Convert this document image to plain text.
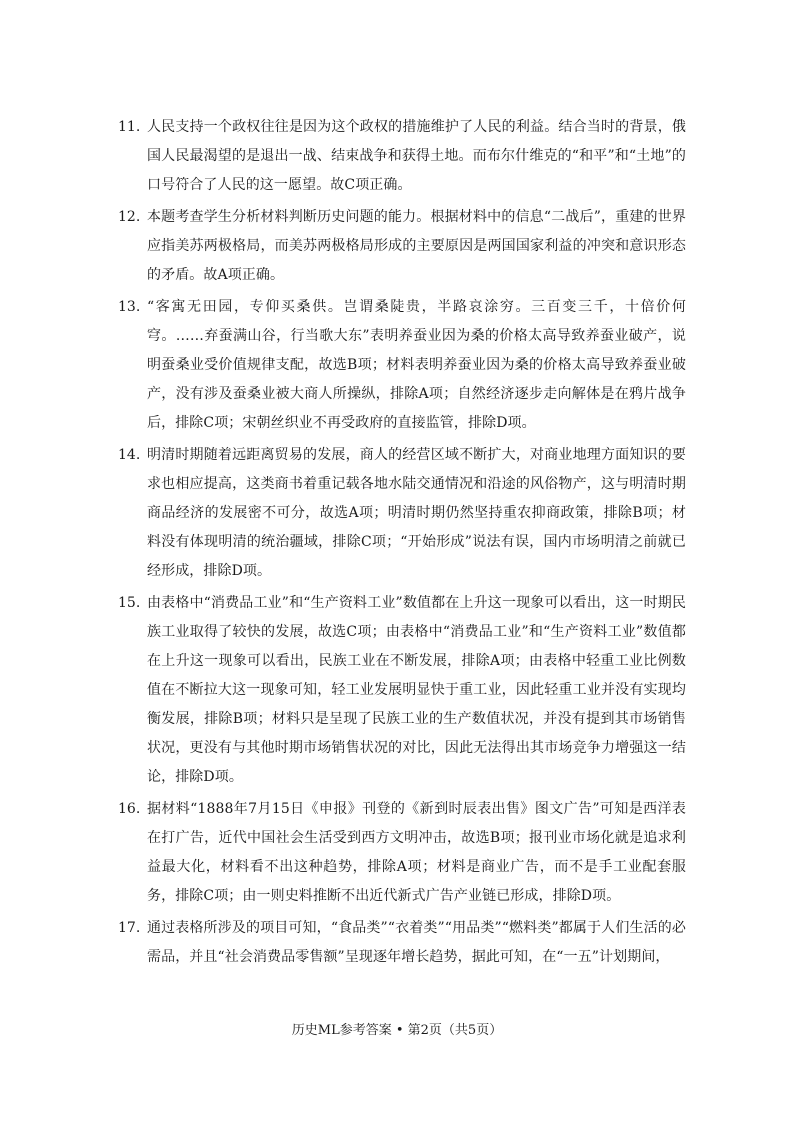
11. 人民支持一个政权往往是因为这个政权的措施维护了人民的利益。结合当时的背景，俄国人民最渴望的是退出一战、结束战争和获得土地。而布尔什维克的“和平”和“土地”的口号符合了人民的这一愿望。故C项正确。
12. 本题考查学生分析材料判断历史问题的能力。根据材料中的信息“二战后”，重建的世界应指美苏两极格局，而美苏两极格局形成的主要原因是两国国家利益的冲突和意识形态的矛盾。故A项正确。
13. “客寓无田园，专仰买桑供。岂谓桑陡贵，半路哀涂穷。三百变三千，十倍价何穹。……弃蚕满山谷，行当歌大东”表明养蚕业因为桑的价格太高导致养蚕业破产，说明蚕桑业受价值规律支配，故选B项；材料表明养蚕业因为桑的价格太高导致养蚕业破产，没有涉及蚕桑业被大商人所操纵，排除A项；自然经济逐步走向解体是在鸦片战争后，排除C项；宋朝丝织业不再受政府的直接监管，排除D项。
14. 明清时期随着远距离贸易的发展，商人的经营区域不断扩大，对商业地理方面知识的要求也相应提高，这类商书着重记载各地水陆交通情况和沿途的风俗物产，这与明清时期商品经济的发展密不可分，故选A项；明清时期仍然坚持重农抑商政策，排除B项；材料没有体现明清的统治疆域，排除C项；“开始形成”说法有误，国内市场明清之前就已经形成，排除D项。
15. 由表格中“消费品工业”和“生产资料工业”数值都在上升这一现象可以看出，这一时期民族工业取得了较快的发展，故选C项；由表格中“消费品工业”和“生产资料工业”数值都在上升这一现象可以看出，民族工业在不断发展，排除A项；由表格中轻重工业比例数值在不断拉大这一现象可知，轻工业发展明显快于重工业，因此轻重工业并没有实现均衡发展，排除B项；材料只是呈现了民族工业的生产数值状况，并没有提到其市场销售状况，更没有与其他时期市场销售状况的对比，因此无法得出其市场竞争力增强这一结论，排除D项。
16. 据材料“1888年7月15日《申报》刊登的《新到时辰表出售》图文广告”可知是西洋表在打广告，近代中国社会生活受到西方文明冲击，故选B项；报刊业市场化就是追求利益最大化，材料看不出这种趋势，排除A项；材料是商业广告，而不是手工业配套服务，排除C项；由一则史料推断不出近代新式广告产业链已形成，排除D项。
17. 通过表格所涉及的项目可知，“食品类”“衣着类”“用品类”“燃料类”都属于人们生活的必需品，并且“社会消费品零售额”呈现逐年增长趋势，据此可知，在“一五”计划期间，
历史ML参考答案 • 第2页（共5页）
